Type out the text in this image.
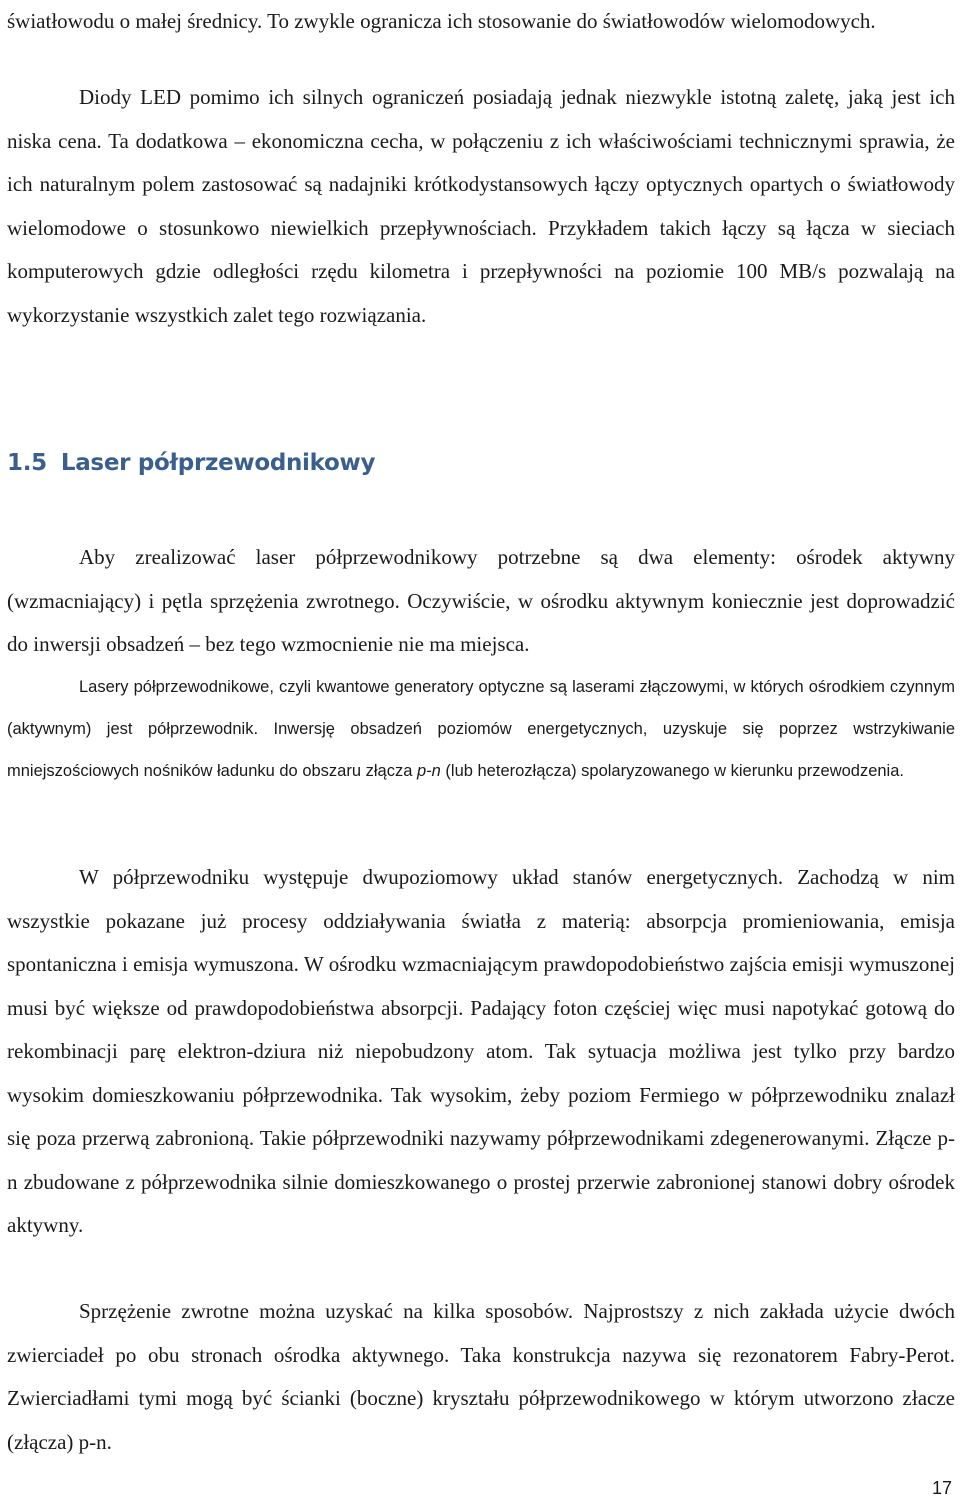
światłowodu o małej średnicy. To zwykle ogranicza ich stosowanie do światłowodów wielomodowych.

Diody LED pomimo ich silnych ograniczeń posiadają jednak niezwykle istotną zaletę, jaką jest ich niska cena. Ta dodatkowa – ekonomiczna cecha, w połączeniu z ich właściwościami technicznymi sprawia, że ich naturalnym polem zastosować są nadajniki krótkodystansowych łączy optycznych opartych o światłowody wielomodowe o stosunkowo niewielkich przepływnościach. Przykładem takich łączy są łącza w sieciach komputerowych gdzie odległości rzędu kilometra i przepływności na poziomie 100 MB/s pozwalają na wykorzystanie wszystkich zalet tego rozwiązania.

1.5 Laser półprzewodnikowy

Aby zrealizować laser półprzewodnikowy potrzebne są dwa elementy: ośrodek aktywny (wzmacniający) i pętla sprzężenia zwrotnego. Oczywiście, w ośrodku aktywnym koniecznie jest doprowadzić do inwersji obsadzeń – bez tego wzmocnienie nie ma miejsca.

Lasery półprzewodnikowe, czyli kwantowe generatory optyczne są laserami złączowymi, w których ośrodkiem czynnym (aktywnym) jest półprzewodnik. Inwersję obsadzeń poziomów energetycznych, uzyskuje się poprzez wstrzykiwanie mniejszościowych nośników ładunku do obszaru złącza p-n (lub heterozłącza) spolaryzowanego w kierunku przewodzenia.

W półprzewodniku występuje dwupoziomowy układ stanów energetycznych. Zachodzą w nim wszystkie pokazane już procesy oddziaływania światła z materią: absorpcja promieniowania, emisja spontaniczna i emisja wymuszona. W ośrodku wzmacniającym prawdopodobieństwo zajścia emisji wymuszonej musi być większe od prawdopodobieństwa absorpcji. Padający foton częściej więc musi napotykać gotową do rekombinacji parę elektron-dziura niż niepobudzony atom. Tak sytuacja możliwa jest tylko przy bardzo wysokim domieszkowaniu półprzewodnika. Tak wysokim, żeby poziom Fermiego w półprzewodniku znalazł się poza przerwą zabronioną. Takie półprzewodniki nazywamy półprzewodnikami zdegenerowanymi. Złącze p-n zbudowane z półprzewodnika silnie domieszkowanego o prostej przerwie zabronionej stanowi dobry ośrodek aktywny.

Sprzężenie zwrotne można uzyskać na kilka sposobów. Najprostszy z nich zakłada użycie dwóch zwierciadeł po obu stronach ośrodka aktywnego. Taka konstrukcja nazywa się rezonatorem Fabry-Perot. Zwierciadłami tymi mogą być ścianki (boczne) kryształu półprzewodnikowego w którym utworzono złacze (złącza) p-n.

17
